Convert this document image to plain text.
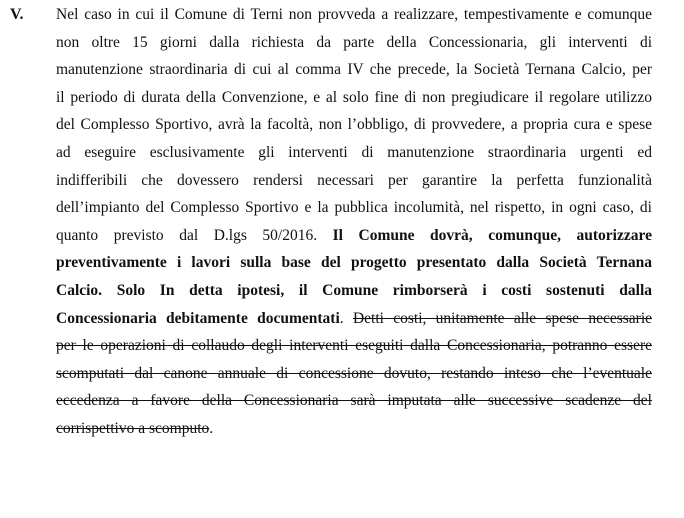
V. Nel caso in cui il Comune di Terni non provveda a realizzare, tempestivamente e comunque
non oltre 15 giorni dalla richiesta da parte della Concessionaria, gli interventi di
manutenzione straordinaria di cui al comma IV che precede, la Società Ternana Calcio, per
il periodo di durata della Convenzione, e al solo fine di non pregiudicare il regolare utilizzo
del Complesso Sportivo, avrà la facoltà, non l’obbligo, di provvedere, a propria cura e spese
ad eseguire esclusivamente gli interventi di manutenzione straordinaria urgenti ed
indifferibili che dovessero rendersi necessari per garantire la perfetta funzionalità
dell’impianto del Complesso Sportivo e la pubblica incolumità, nel rispetto, in ogni caso, di
quanto previsto dal D.lgs 50/2016. Il Comune dovrà, comunque, autorizzare
preventivamente i lavori sulla base del progetto presentato dalla Società Ternana
Calcio. Solo In detta ipotesi, il Comune rimborserà i costi sostenuti dalla
Concessionaria debitamente documentati. Detti costi, unitamente alle spese necessarie
per le operazioni di collaudo degli interventi eseguiti dalla Concessionaria, potranno essere
scomputati dal canone annuale di concessione dovuto, restando inteso che l’eventuale
eccedenza a favore della Concessionaria sarà imputata alle successive scadenze del
corrispettivo a scomputo.
